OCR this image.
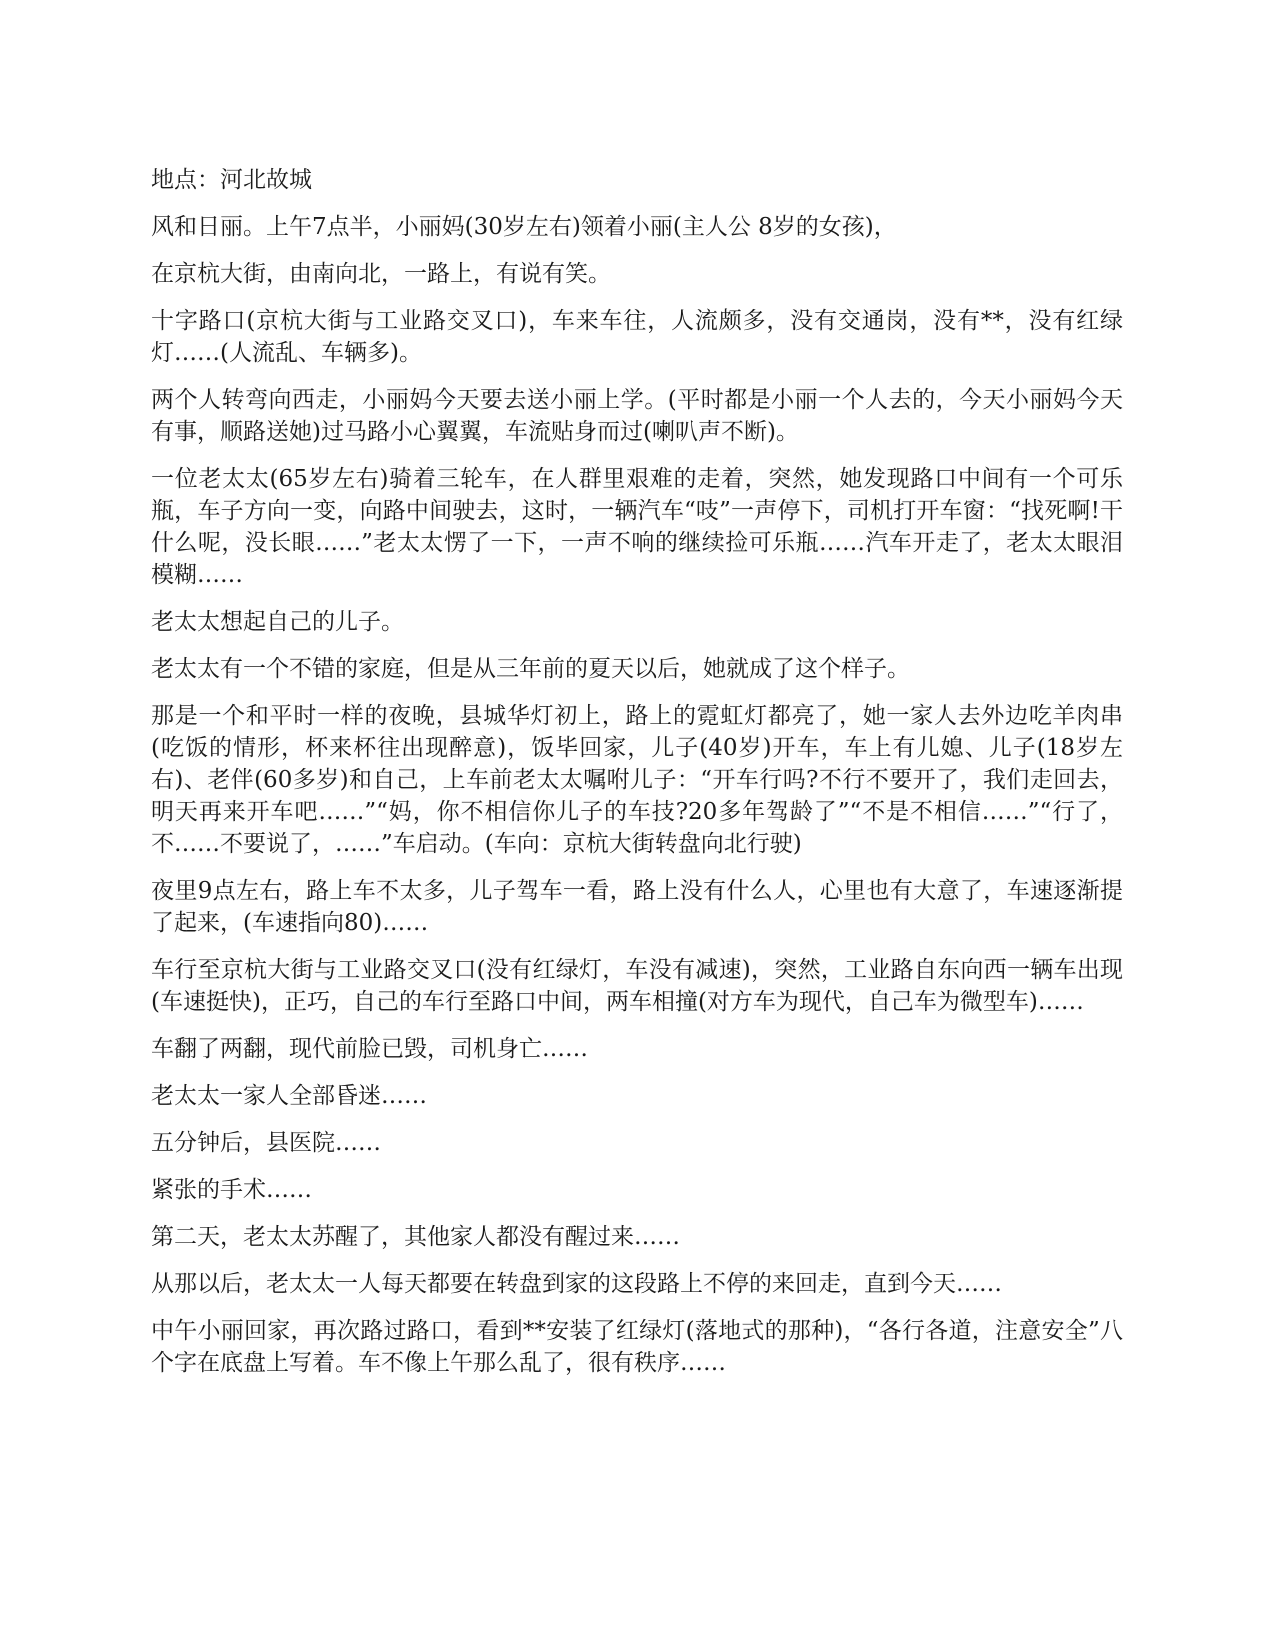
地点：河北故城

风和日丽。上午7点半，小丽妈(30岁左右)领着小丽(主人公 8岁的女孩)，

在京杭大街，由南向北，一路上，有说有笑。

十字路口(京杭大街与工业路交叉口)，车来车往，人流颇多，没有交通岗，没有**，没有红绿灯……(人流乱、车辆多)。

两个人转弯向西走，小丽妈今天要去送小丽上学。(平时都是小丽一个人去的，今天小丽妈今天有事，顺路送她)过马路小心翼翼，车流贴身而过(喇叭声不断)。

一位老太太(65岁左右)骑着三轮车，在人群里艰难的走着，突然，她发现路口中间有一个可乐瓶，车子方向一变，向路中间驶去，这时，一辆汽车“吱”一声停下，司机打开车窗：“找死啊!干什么呢，没长眼……”老太太愣了一下，一声不响的继续捡可乐瓶……汽车开走了，老太太眼泪模糊……

老太太想起自己的儿子。

老太太有一个不错的家庭，但是从三年前的夏天以后，她就成了这个样子。

那是一个和平时一样的夜晚，县城华灯初上，路上的霓虹灯都亮了，她一家人去外边吃羊肉串(吃饭的情形，杯来杯往出现醉意)，饭毕回家，儿子(40岁)开车，车上有儿媳、儿子(18岁左右)、老伴(60多岁)和自己，上车前老太太嘱咐儿子：“开车行吗?不行不要开了，我们走回去，明天再来开车吧……”“妈，你不相信你儿子的车技?20多年驾龄了”“不是不相信……”“行了，不……不要说了，……”车启动。(车向：京杭大街转盘向北行驶)

夜里9点左右，路上车不太多，儿子驾车一看，路上没有什么人，心里也有大意了，车速逐渐提了起来，(车速指向80)……

车行至京杭大街与工业路交叉口(没有红绿灯，车没有减速)，突然，工业路自东向西一辆车出现(车速挺快)，正巧，自己的车行至路口中间，两车相撞(对方车为现代，自己车为微型车)……

车翻了两翻，现代前脸已毁，司机身亡……

老太太一家人全部昏迷……

五分钟后，县医院……

紧张的手术……

第二天，老太太苏醒了，其他家人都没有醒过来……

从那以后，老太太一人每天都要在转盘到家的这段路上不停的来回走，直到今天……

中午小丽回家，再次路过路口，看到**安装了红绿灯(落地式的那种)，“各行各道，注意安全”八个字在底盘上写着。车不像上午那么乱了，很有秩序……
